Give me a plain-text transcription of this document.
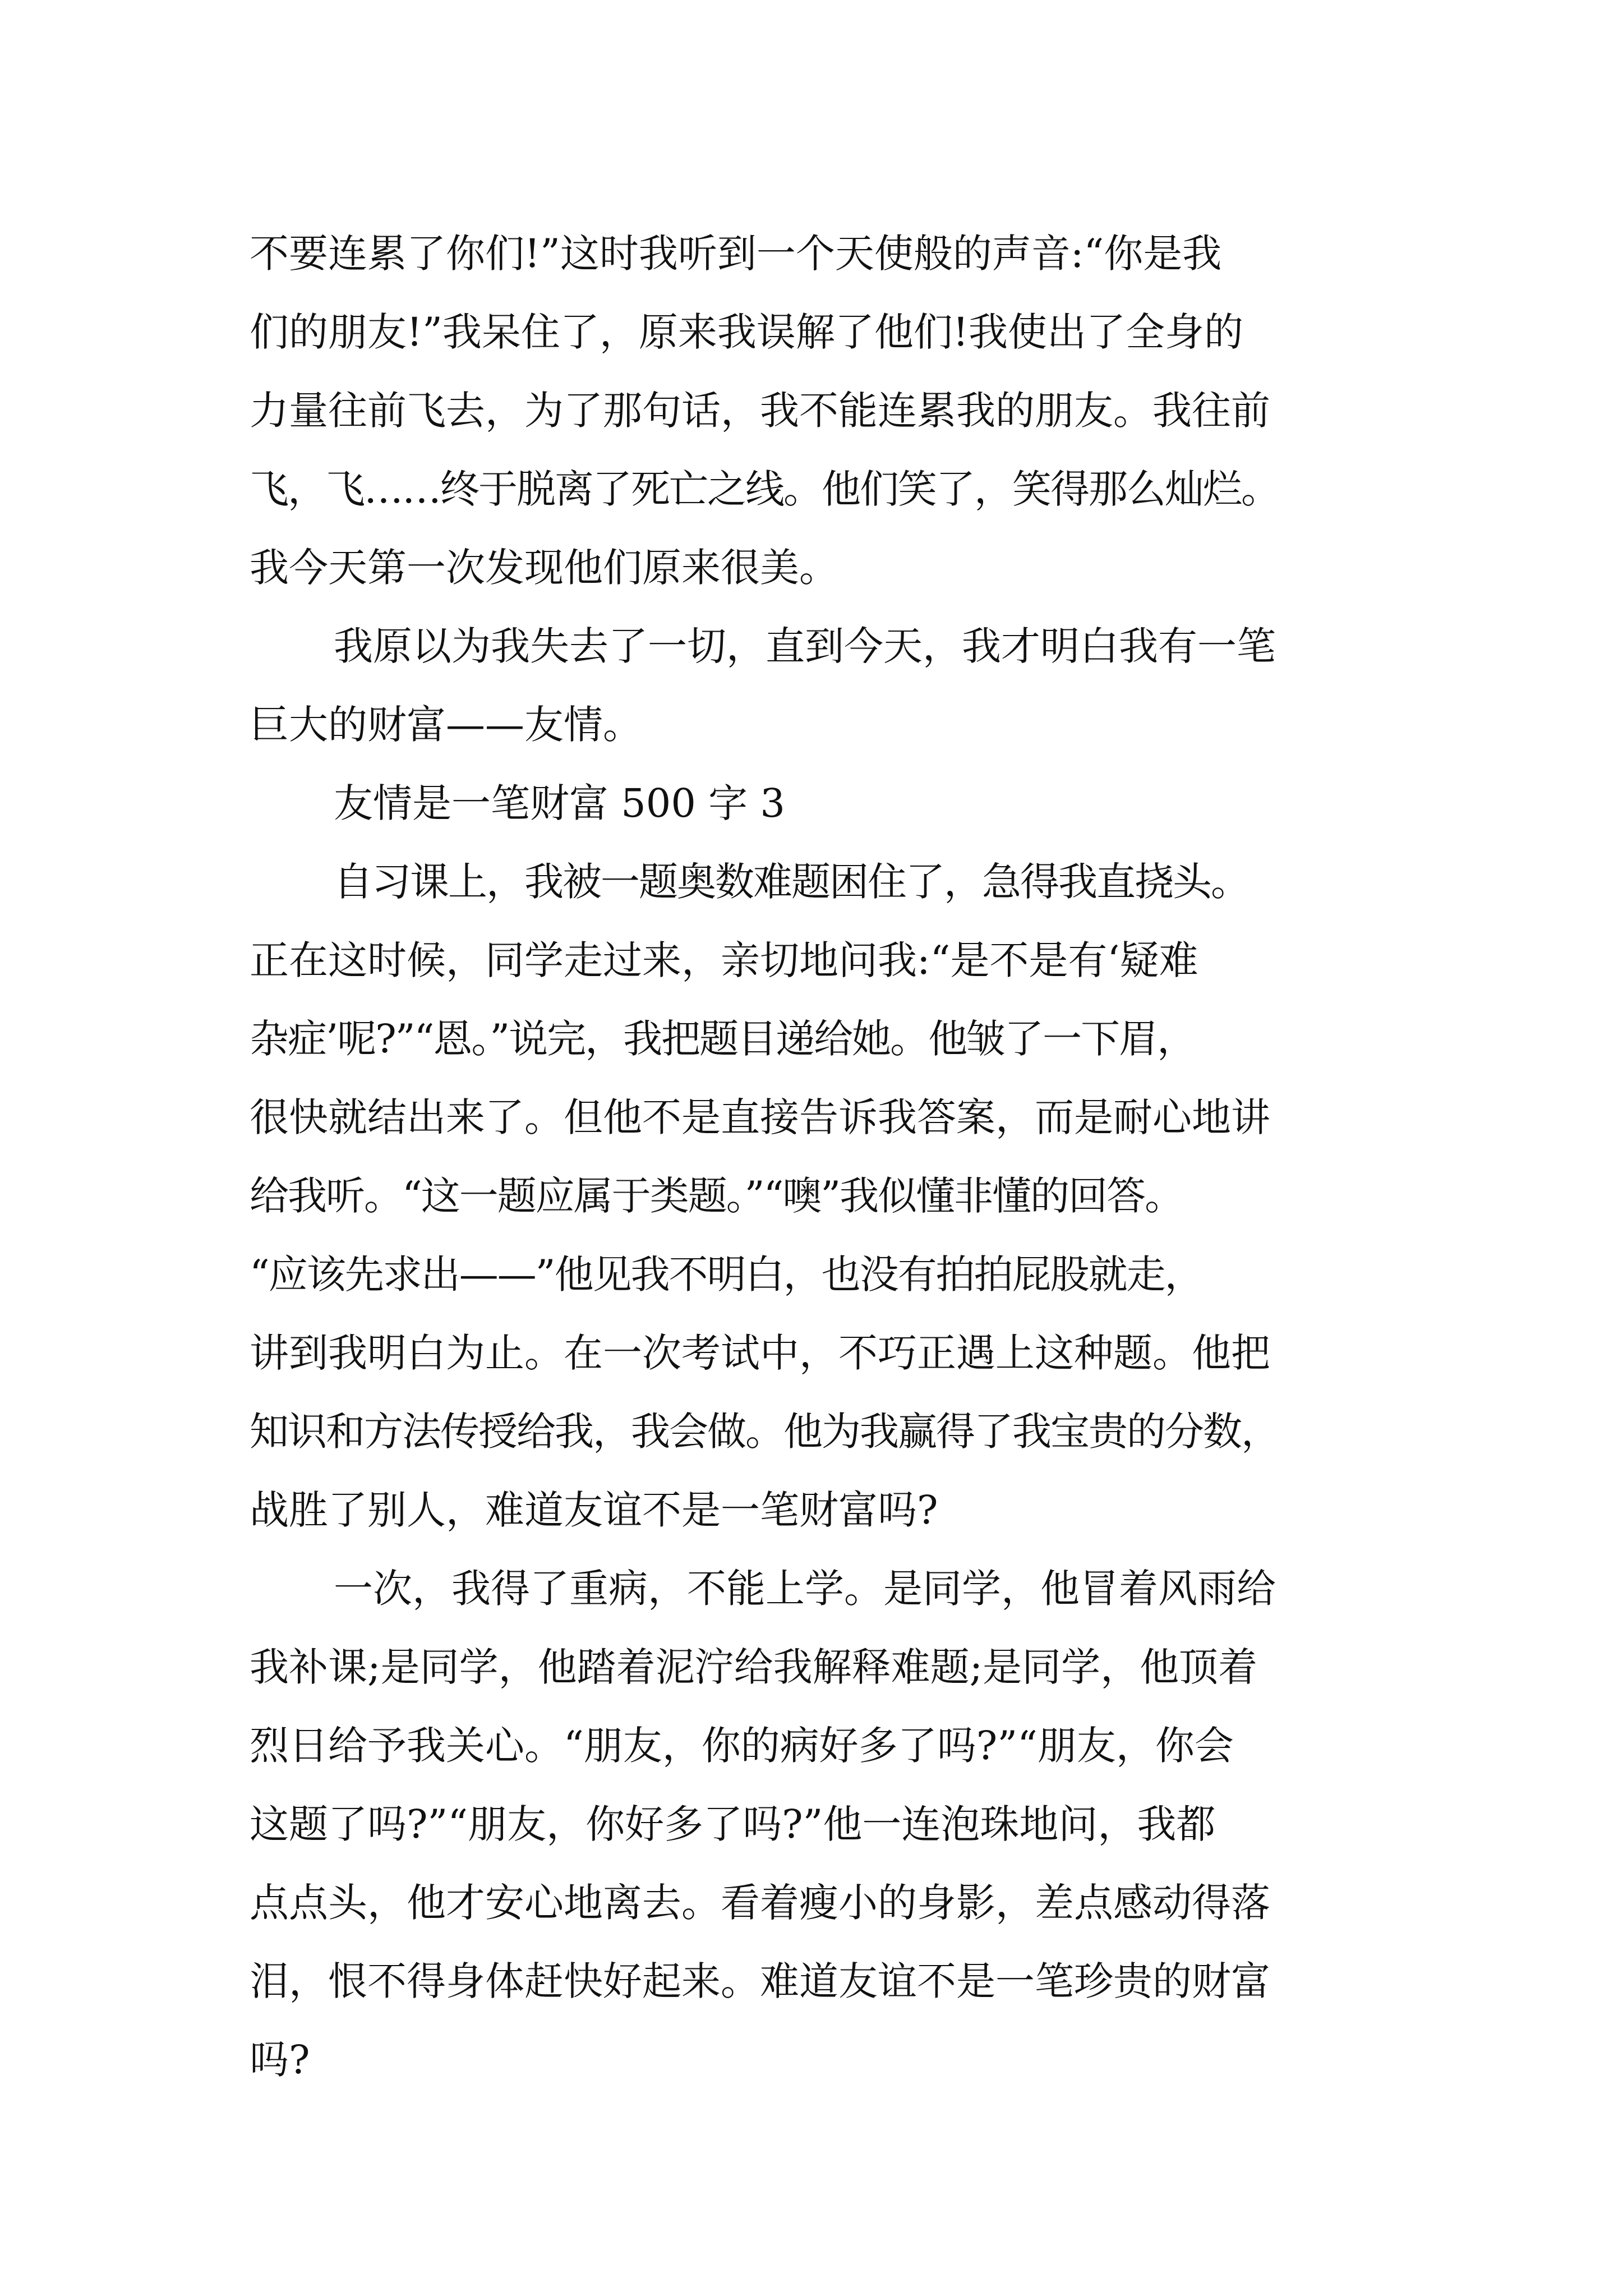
不要连累了你们!”这时我听到一个天使般的声音:“你是我
们的朋友!”我呆住了，原来我误解了他们!我使出了全身的
力量往前飞去，为了那句话，我不能连累我的朋友。我往前
飞，飞……终于脱离了死亡之线。他们笑了，笑得那么灿烂。
我今天第一次发现他们原来很美。
我原以为我失去了一切，直到今天，我才明白我有一笔
巨大的财富——友情。
友情是一笔财富 500 字 3
自习课上，我被一题奥数难题困住了，急得我直挠头。
正在这时候，同学走过来，亲切地问我:“是不是有‘疑难
杂症’呢?”“恩。”说完，我把题目递给她。他皱了一下眉，
很快就结出来了。但他不是直接告诉我答案，而是耐心地讲
给我听。“这一题应属于类题。”“噢”我似懂非懂的回答。
“应该先求出——”他见我不明白，也没有拍拍屁股就走，
讲到我明白为止。在一次考试中，不巧正遇上这种题。他把
知识和方法传授给我，我会做。他为我赢得了我宝贵的分数，
战胜了别人，难道友谊不是一笔财富吗?
一次，我得了重病，不能上学。是同学，他冒着风雨给
我补课;是同学，他踏着泥泞给我解释难题;是同学，他顶着
烈日给予我关心。“朋友，你的病好多了吗?”“朋友，你会
这题了吗?”“朋友，你好多了吗?”他一连泡珠地问，我都
点点头，他才安心地离去。看着瘦小的身影，差点感动得落
泪，恨不得身体赶快好起来。难道友谊不是一笔珍贵的财富
吗?
